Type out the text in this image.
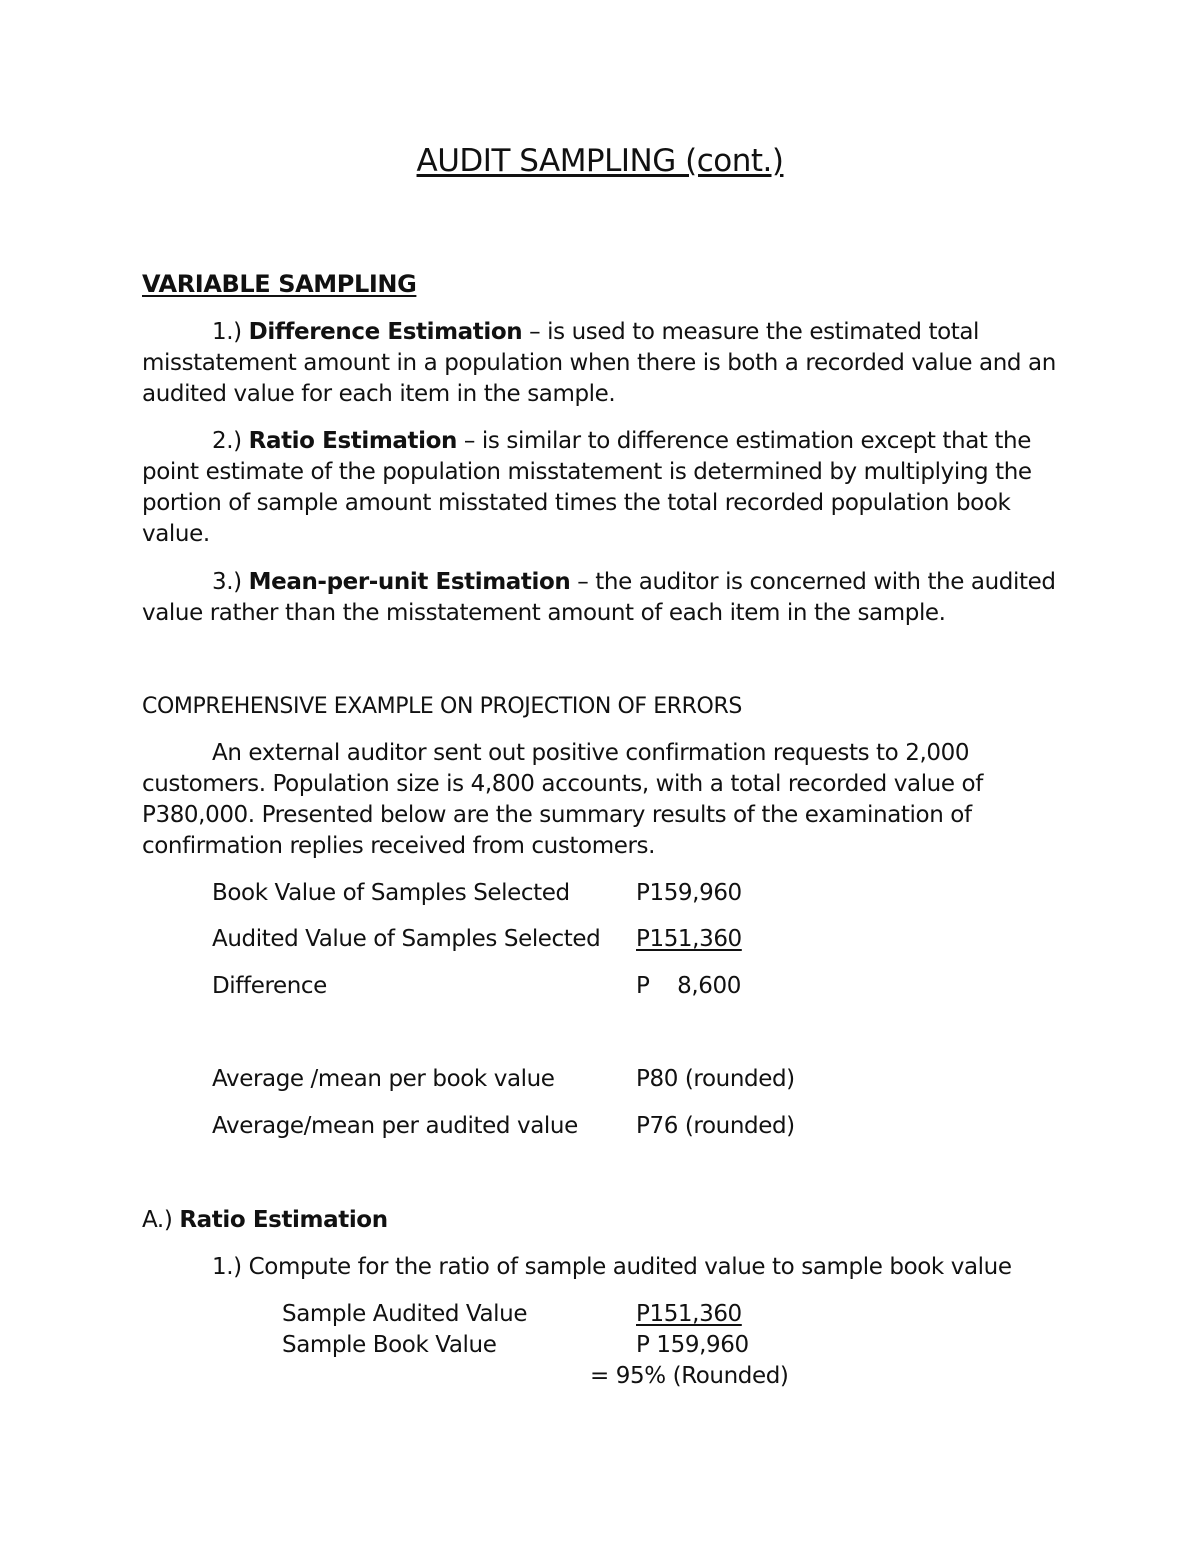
AUDIT SAMPLING (cont.)
VARIABLE SAMPLING
1.) Difference Estimation – is used to measure the estimated total misstatement amount in a population when there is both a recorded value and an audited value for each item in the sample.
2.) Ratio Estimation – is similar to difference estimation except that the point estimate of the population misstatement is determined by multiplying the portion of sample amount misstated times the total recorded population book value.
3.) Mean-per-unit Estimation – the auditor is concerned with the audited value rather than the misstatement amount of each item in the sample.
COMPREHENSIVE EXAMPLE ON PROJECTION OF ERRORS
An external auditor sent out positive confirmation requests to 2,000 customers. Population size is 4,800 accounts, with a total recorded value of P380,000. Presented below are the summary results of the examination of confirmation replies received from customers.
Book Value of Samples Selected	P159,960
Audited Value of Samples Selected P151,360
Difference	P    8,600
Average /mean per book value	P80 (rounded)
Average/mean per audited value	P76 (rounded)
A.) Ratio Estimation
1.) Compute for the ratio of sample audited value to sample book value
Sample Audited Value	P151,360
Sample Book Value	P 159,960
= 95% (Rounded)
